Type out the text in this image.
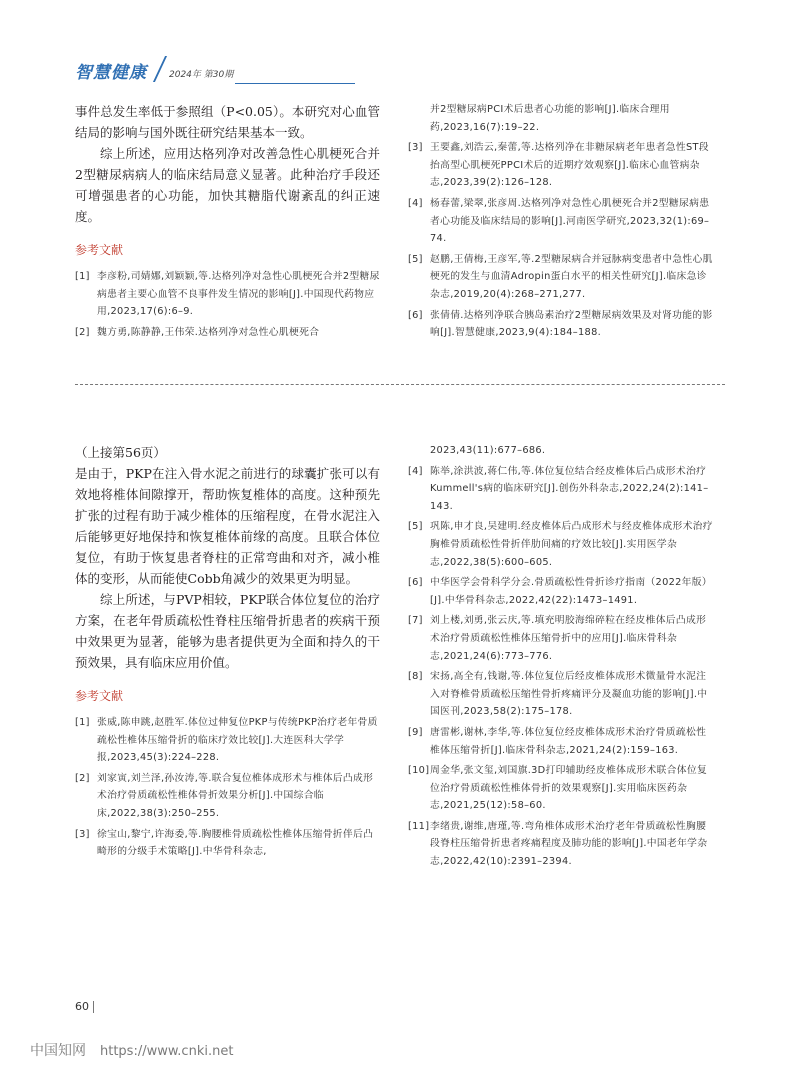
智慧健康 2024年 第30期

事件总发生率低于参照组（P<0.05）。本研究对心血管结局的影响与国外既往研究结果基本一致。

综上所述，应用达格列净对改善急性心肌梗死合并2型糖尿病病人的临床结局意义显著。此种治疗手段还可增强患者的心功能，加快其糖脂代谢紊乱的纠正速度。

参考文献
[1] 李彦粉,司婧娜,刘颖颖,等.达格列净对急性心肌梗死合并2型糖尿病患者主要心血管不良事件发生情况的影响[J].中国现代药物应用,2023,17(6):6–9.
[2] 魏方勇,陈静静,王伟荣.达格列净对急性心肌梗死合
并2型糖尿病PCI术后患者心功能的影响[J].临床合理用药,2023,16(7):19–22.
[3] 王要鑫,刘浩云,秦蕾,等.达格列净在非糖尿病老年患者急性ST段抬高型心肌梗死PPCI术后的近期疗效观察[J].临床心血管病杂志,2023,39(2):126–128.
[4] 杨春蕾,梁翠,张彦周.达格列净对急性心肌梗死合并2型糖尿病患者心功能及临床结局的影响[J].河南医学研究,2023,32(1):69–74.
[5] 赵鹏,王倩梅,王彦军,等.2型糖尿病合并冠脉病变患者中急性心肌梗死的发生与血清Adropin蛋白水平的相关性研究[J].临床急诊杂志,2019,20(4):268–271,277.
[6] 张倩倩.达格列净联合胰岛素治疗2型糖尿病效果及对肾功能的影响[J].智慧健康,2023,9(4):184–188.

（上接第56页）

是由于，PKP在注入骨水泥之前进行的球囊扩张可以有效地将椎体间隙撑开，帮助恢复椎体的高度。这种预先扩张的过程有助于减少椎体的压缩程度，在骨水泥注入后能够更好地保持和恢复椎体前缘的高度。且联合体位复位，有助于恢复患者脊柱的正常弯曲和对齐，减小椎体的变形，从而能使Cobb角减少的效果更为明显。

综上所述，与PVP相较，PKP联合体位复位的治疗方案，在老年骨质疏松性脊柱压缩骨折患者的疾病干预中效果更为显著，能够为患者提供更为全面和持久的干预效果，具有临床应用价值。

参考文献
[1] 张威,陈申跳,赵胜军.体位过伸复位PKP与传统PKP治疗老年骨质疏松性椎体压缩骨折的临床疗效比较[J].大连医科大学学报,2023,45(3):224–228.
[2] 刘家寅,刘兰泽,孙汝涛,等.联合复位椎体成形术与椎体后凸成形术治疗骨质疏松性椎体骨折效果分析[J].中国综合临床,2022,38(3):250–255.
[3] 徐宝山,黎宁,许海委,等.胸腰椎骨质疏松性椎体压缩骨折伴后凸畸形的分级手术策略[J].中华骨科杂志,
2023,43(11):677–686.
[4] 陈举,涂洪波,蒋仁伟,等.体位复位结合经皮椎体后凸成形术治疗Kummell's病的临床研究[J].创伤外科杂志,2022,24(2):141–143.
[5] 巩陈,申才良,吴建明.经皮椎体后凸成形术与经皮椎体成形术治疗胸椎骨质疏松性骨折伴肋间痛的疗效比较[J].实用医学杂志,2022,38(5):600–605.
[6] 中华医学会骨科学分会.骨质疏松性骨折诊疗指南（2022年版）[J].中华骨科杂志,2022,42(22):1473–1491.
[7] 刘上楼,刘勇,张云庆,等.填充明胶海绵碎粒在经皮椎体后凸成形术治疗骨质疏松性椎体压缩骨折中的应用[J].临床骨科杂志,2021,24(6):773–776.
[8] 宋扬,高全有,钱谢,等.体位复位后经皮椎体成形术微量骨水泥注入对脊椎骨质疏松压缩性骨折疼痛评分及凝血功能的影响[J].中国医刊,2023,58(2):175–178.
[9] 唐雷彬,谢林,李华,等.体位复位经皮椎体成形术治疗骨质疏松性椎体压缩骨折[J].临床骨科杂志,2021,24(2):159–163.
[10] 周金华,张文玺,刘国旗.3D打印辅助经皮椎体成形术联合体位复位治疗骨质疏松性椎体骨折的效果观察[J].实用临床医药杂志,2021,25(12):58–60.
[11] 李绪贵,谢维,唐瑾,等.弯角椎体成形术治疗老年骨质疏松性胸腰段脊柱压缩骨折患者疼痛程度及肺功能的影响[J].中国老年学杂志,2022,42(10):2391–2394.
60
中国知网 https://www.cnki.net
